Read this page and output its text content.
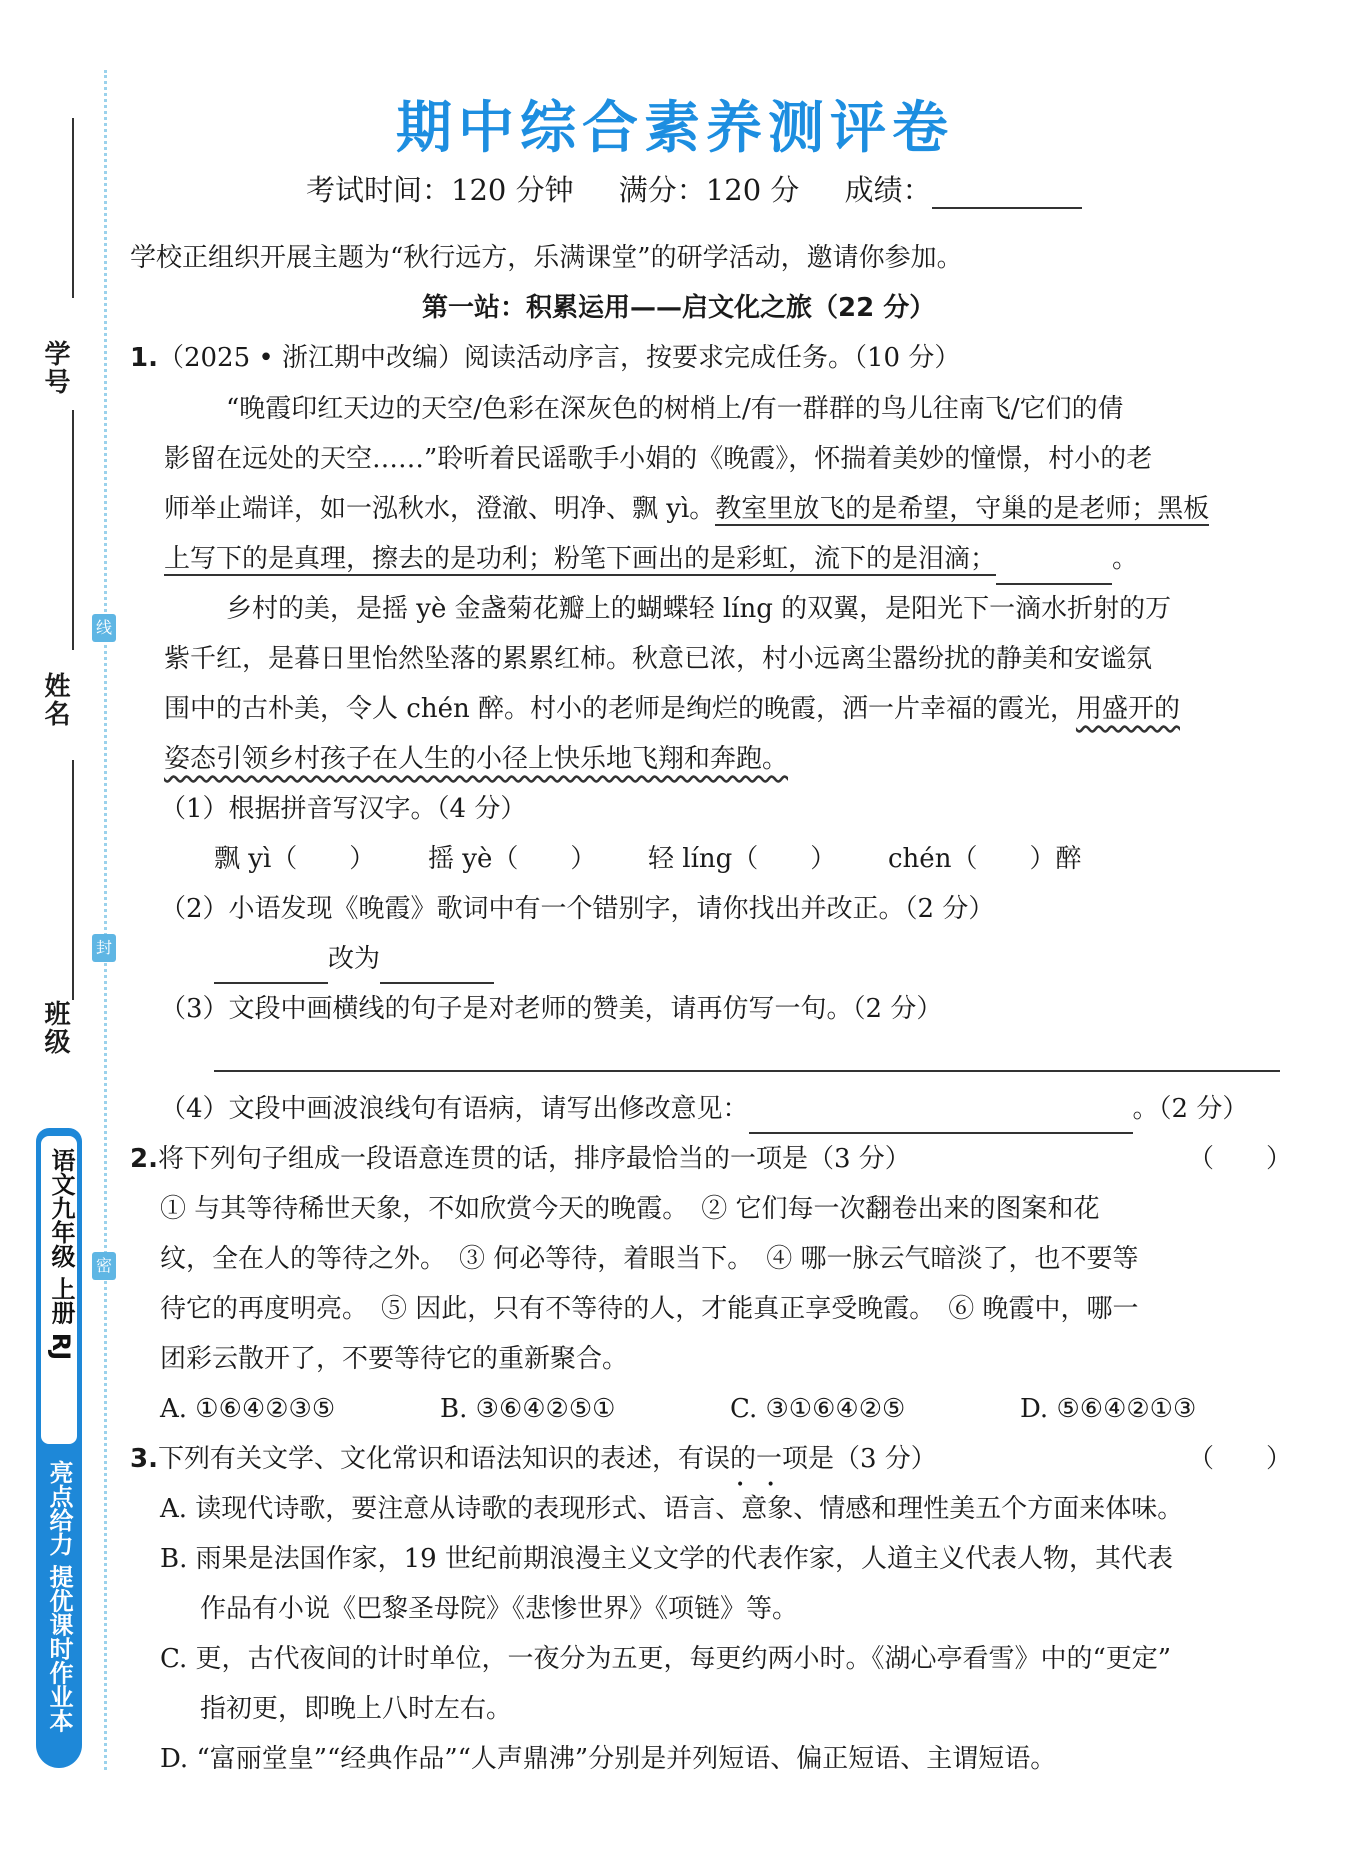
学号
姓名
班级
线
封
密
语文九年级 上册 RJ
亮点给力 提优课时作业本
期中综合素养测评卷
考试时间：120 分钟 满分：120 分 成绩：
学校正组织开展主题为“秋行远方，乐满课堂”的研学活动，邀请你参加。
第一站：积累运用——启文化之旅（22 分）
1.（2025 • 浙江期中改编）阅读活动序言，按要求完成任务。（10 分）
“晚霞印红天边的天空/色彩在深灰色的树梢上/有一群群的鸟儿往南飞/它们的倩
影留在远处的天空……”聆听着民谣歌手小娟的《晚霞》，怀揣着美妙的憧憬，村小的老
师举止端详，如一泓秋水，澄澈、明净、飘 yì。教室里放飞的是希望，守巢的是老师；黑板
上写下的是真理，擦去的是功利；粉笔下画出的是彩虹，流下的是泪滴；	。
乡村的美，是摇 yè 金盏菊花瓣上的蝴蝶轻 líng 的双翼，是阳光下一滴水折射的万
紫千红，是暮日里怡然坠落的累累红柿。秋意已浓，村小远离尘嚣纷扰的静美和安谧氛
围中的古朴美，令人 chén 醉。村小的老师是绚烂的晚霞，洒一片幸福的霞光，用盛开的
姿态引领乡村孩子在人生的小径上快乐地飞翔和奔跑。
（1）根据拼音写汉字。（4 分）
飘 yì（　　） 摇 yè（　　） 轻 líng（　　） chén（　　）醉
（2）小语发现《晚霞》歌词中有一个错别字，请你找出并改正。（2 分）
改为
（3）文段中画横线的句子是对老师的赞美，请再仿写一句。（2 分）
（4）文段中画波浪线句有语病，请写出修改意见：	。（2 分）
2.将下列句子组成一段语意连贯的话，排序最恰当的一项是（3 分）	（　　）
① 与其等待稀世天象，不如欣赏今天的晚霞。　② 它们每一次翻卷出来的图案和花
纹，全在人的等待之外。　③ 何必等待，着眼当下。　④ 哪一脉云气暗淡了，也不要等
待它的再度明亮。　⑤ 因此，只有不等待的人，才能真正享受晚霞。　⑥ 晚霞中，哪一
团彩云散开了，不要等待它的重新聚合。
A. ①⑥④②③⑤	B. ③⑥④②⑤①	C. ③①⑥④②⑤	D. ⑤⑥④②①③
3.下列有关文学、文化常识和语法知识的表述，有误的一项是（3 分）
•     •
（　　）
A. 读现代诗歌，要注意从诗歌的表现形式、语言、意象、情感和理性美五个方面来体味。
B. 雨果是法国作家，19 世纪前期浪漫主义文学的代表作家，人道主义代表人物，其代表
作品有小说《巴黎圣母院》《悲惨世界》《项链》等。
C. 更，古代夜间的计时单位，一夜分为五更，每更约两小时。《湖心亭看雪》中的“更定”
指初更，即晚上八时左右。
D. “富丽堂皇”“经典作品”“人声鼎沸”分别是并列短语、偏正短语、主谓短语。
